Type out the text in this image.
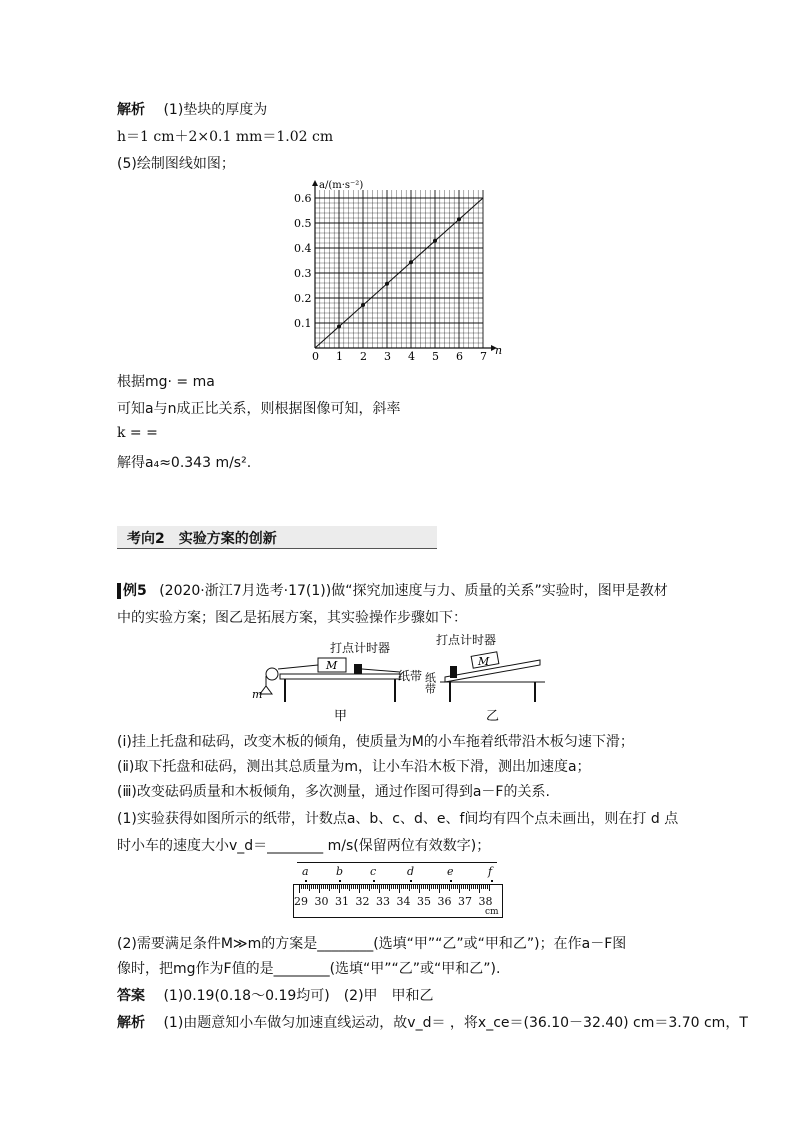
解析 (1)垫块的厚度为
h＝1 cm＋2×0.1 mm＝1.02 cm
(5)绘制图线如图；
0 1 2 3 4 5 6 7
0.1
0.2
0.3
0.4
0.5
0.6
n
a/(m·s⁻²)
根据mg· = ma
可知a与n成正比关系，则根据图像可知，斜率
k = =
解得a₄≈0.343 m/s².
考向2　实验方案的创新
例5 (2020·浙江7月选考·17(1))做“探究加速度与力、质量的关系”实验时，图甲是教材
中的实验方案；图乙是拓展方案，其实验操作步骤如下：
M
打点计时器
纸带
m
M
打点计时器
纸带
甲	乙
(ⅰ)挂上托盘和砝码，改变木板的倾角，使质量为M的小车拖着纸带沿木板匀速下滑；
(ⅱ)取下托盘和砝码，测出其总质量为m，让小车沿木板下滑，测出加速度a；
(ⅲ)改变砝码质量和木板倾角，多次测量，通过作图可得到a－F的关系.
(1)实验获得如图所示的纸带，计数点a、b、c、d、e、f间均有四个点未画出，则在打 d 点
时小车的速度大小v_d＝________ m/s(保留两位有效数字)；
a b c	d	e	f
29 30 31 32 33 34 35 36 37 38
cm
(2)需要满足条件M≫m的方案是________(选填“甲”“乙”或“甲和乙”)；在作a－F图
像时，把mg作为F值的是________(选填“甲”“乙”或“甲和乙”).
答案 (1)0.19(0.18～0.19均可)　(2)甲　甲和乙
解析 (1)由题意知小车做匀加速直线运动，故v_d＝ ，将x_ce＝(36.10－32.40) cm＝3.70 cm，T
